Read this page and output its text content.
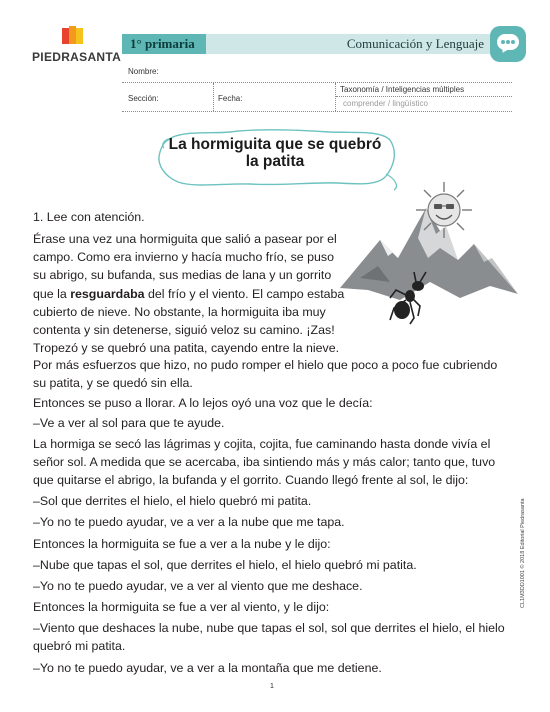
PIEDRASANTA
1° primaria	Comunicación y Lenguaje
Nombre:
Sección:	Fecha:
Taxonomía / Inteligencias múltiples
comprender / lingüístico
La hormiguita que se quebró
la patita
1. Lee con atención.
Érase una vez una hormiguita que salió a pasear por el
campo. Como era invierno y hacía mucho frío, se puso
su abrigo, su bufanda, sus medias de lana y un gorrito
que la resguardaba del frío y el viento. El campo estaba
cubierto de nieve. No obstante, la hormiguita iba muy
contenta y sin detenerse, siguió veloz su camino. ¡Zas!
Tropezó y se quebró una patita, cayendo entre la nieve.
Por más esfuerzos que hizo, no pudo romper el hielo que poco a poco fue cubriendo
su patita, y se quedó sin ella.
Entonces se puso a llorar. A lo lejos oyó una voz que le decía:
–Ve a ver al sol para que te ayude.
La hormiga se secó las lágrimas y cojita, cojita, fue caminando hasta donde vivía el
señor sol. A medida que se acercaba, iba sintiendo más y más calor; tanto que, tuvo
que quitarse el abrigo, la bufanda y el gorrito. Cuando llegó frente al sol, le dijo:
–Sol que derrites el hielo, el hielo quebró mi patita.
–Yo no te puedo ayudar, ve a ver a la nube que me tapa.
Entonces la hormiguita se fue a ver a la nube y le dijo:
–Nube que tapas el sol, que derrites el hielo, el hielo quebró mi patita.
–Yo no te puedo ayudar, ve a ver al viento que me deshace.
Entonces la hormiguita se fue a ver al viento, y le dijo:
–Viento que deshaces la nube, nube que tapas el sol, sol que derrites el hielo, el hielo
quebró mi patita.
–Yo no te puedo ayudar, ve a ver a la montaña que me detiene.
1
CL1M3DD1001 © 2018 Editorial Piedrasanta
